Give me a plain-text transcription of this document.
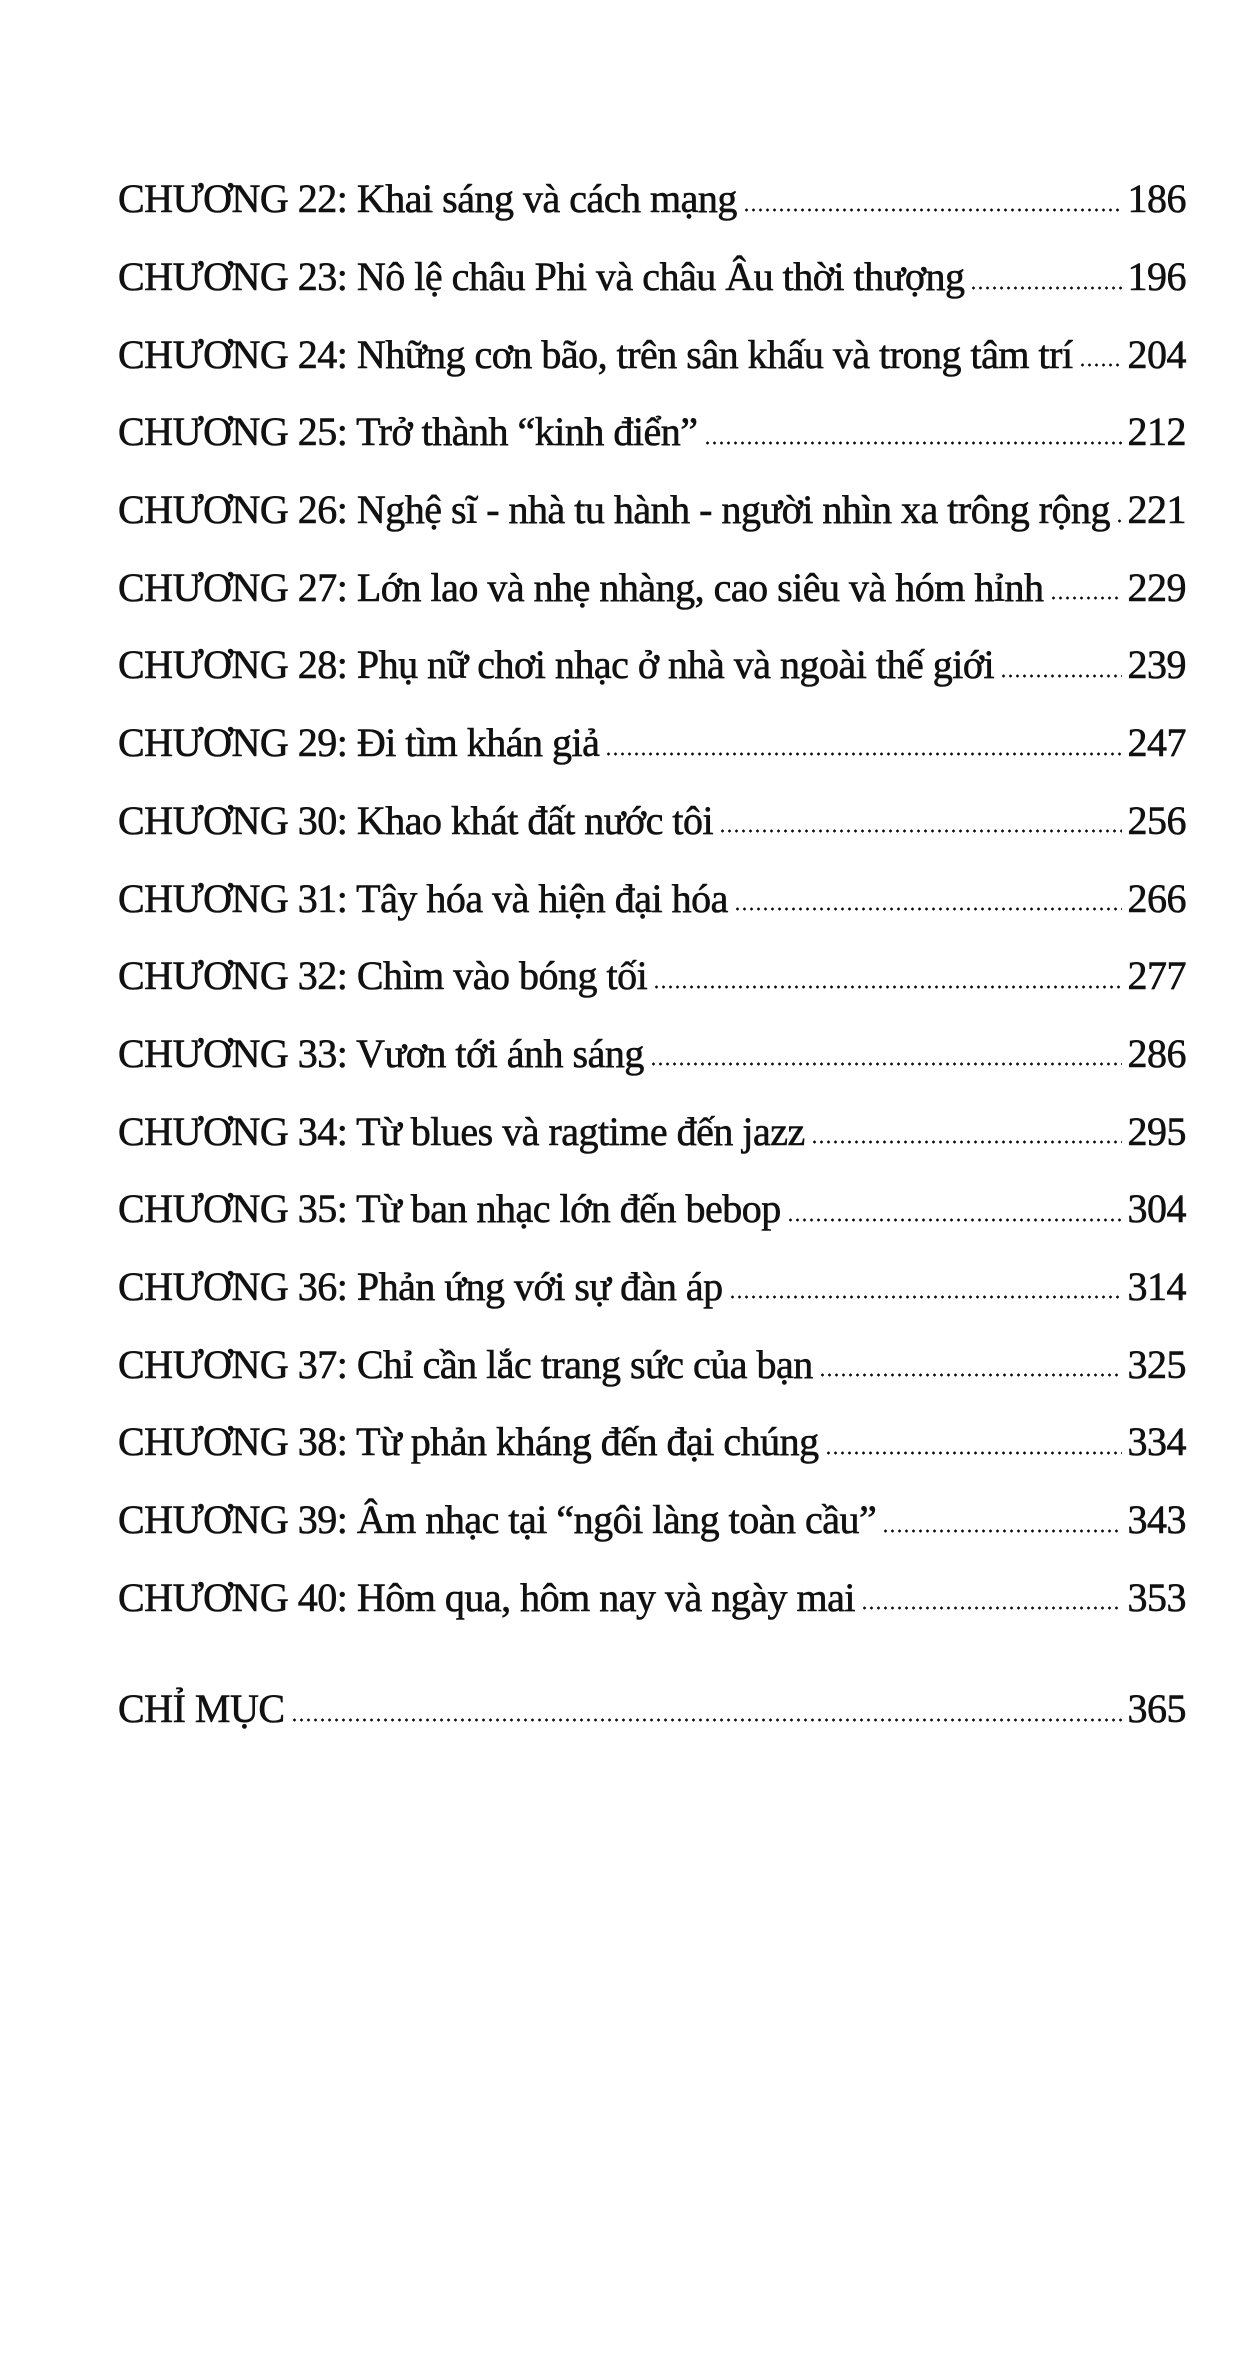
CHƯƠNG 22: Khai sáng và cách mạng	186
CHƯƠNG 23: Nô lệ châu Phi và châu Âu thời thượng	196
CHƯƠNG 24: Những cơn bão, trên sân khấu và trong tâm trí 204
CHƯƠNG 25: Trở thành “kinh điển”	212
CHƯƠNG 26: Nghệ sĩ - nhà tu hành - người nhìn xa trông rộng 221
CHƯƠNG 27: Lớn lao và nhẹ nhàng, cao siêu và hóm hỉnh 229
CHƯƠNG 28: Phụ nữ chơi nhạc ở nhà và ngoài thế giới	239
CHƯƠNG 29: Đi tìm khán giả	247
CHƯƠNG 30: Khao khát đất nước tôi	256
CHƯƠNG 31: Tây hóa và hiện đại hóa	266
CHƯƠNG 32: Chìm vào bóng tối	277
CHƯƠNG 33: Vươn tới ánh sáng	286
CHƯƠNG 34: Từ blues và ragtime đến jazz	295
CHƯƠNG 35: Từ ban nhạc lớn đến bebop	304
CHƯƠNG 36: Phản ứng với sự đàn áp	314
CHƯƠNG 37: Chỉ cần lắc trang sức của bạn	325
CHƯƠNG 38: Từ phản kháng đến đại chúng	334
CHƯƠNG 39: Âm nhạc tại “ngôi làng toàn cầu”	343
CHƯƠNG 40: Hôm qua, hôm nay và ngày mai	353
CHỈ MỤC	365
